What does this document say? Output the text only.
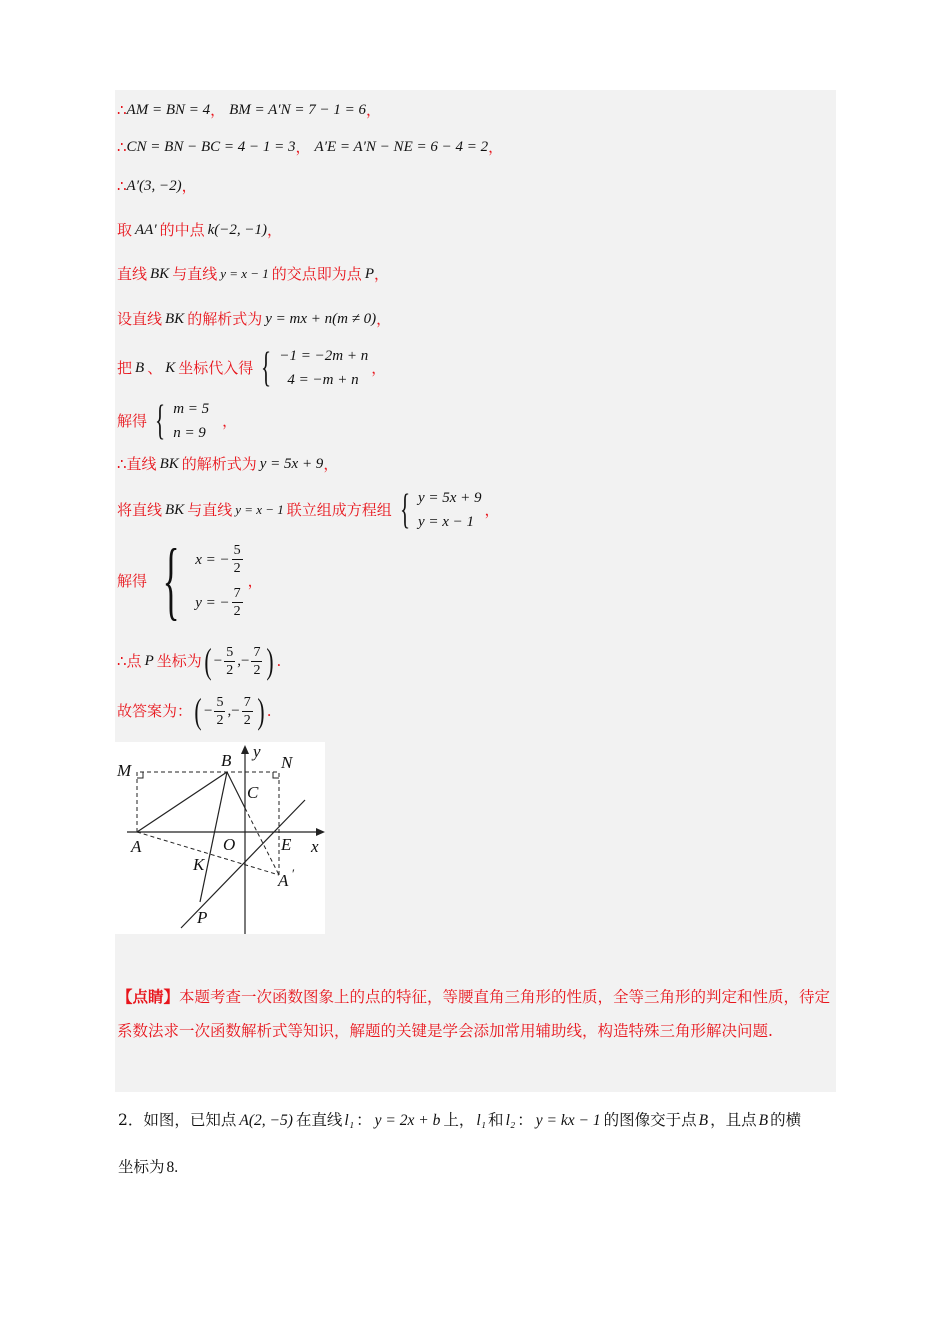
∴ AM = BN = 4 ， BM = A′N = 7 − 1 = 6 ，
∴ CN = BN − BC = 4 − 1 = 3 ， A′E = A′N − NE = 6 − 4 = 2 ，
∴ A′(3, −2) ，
取 AA′ 的中点 k(−2, −1) ，
直线 BK 与直线 y = x − 1 的交点即为点 P ，
设直线 BK 的解析式为 y = mx + n(m ≠ 0) ，
把 B 、 K 坐标代入得 { −1 = −2m + n
4 = −m + n
，
解得 { m = 5
n = 9
，
∴ 直线 BK 的解析式为 y = 5x + 9 ，
将直线 BK 与直线 y = x − 1 联立组成方程组 { y = 5x + 9
y = x − 1
，
解得 { x = − $\frac{5}{2}$
y = − $\frac{7}{2}$
，
∴ 点 P 坐标为 ( − $\frac{5}{2}$ , − $\frac{7}{2}$ ) .
故答案为： ( − $\frac{5}{2}$ , − $\frac{7}{2}$ ) .
【点睛】本题考查一次函数图象上的点的特征，等腰直角三角形的性质，全等三角形的判定和性质，待定系数法求一次函数解析式等知识，解题的关键是学会添加常用辅助线，构造特殊三角形解决问题.
M
B y
N
C
A	O	E x
K
A ′
P
2．如图，已知点 A(2, −5) 在直线 l₁ ： y = 2x + b 上， l₁ 和 l₂ ： y = kx − 1 的图像交于点 B ，且点 B 的横
坐标为 8.
